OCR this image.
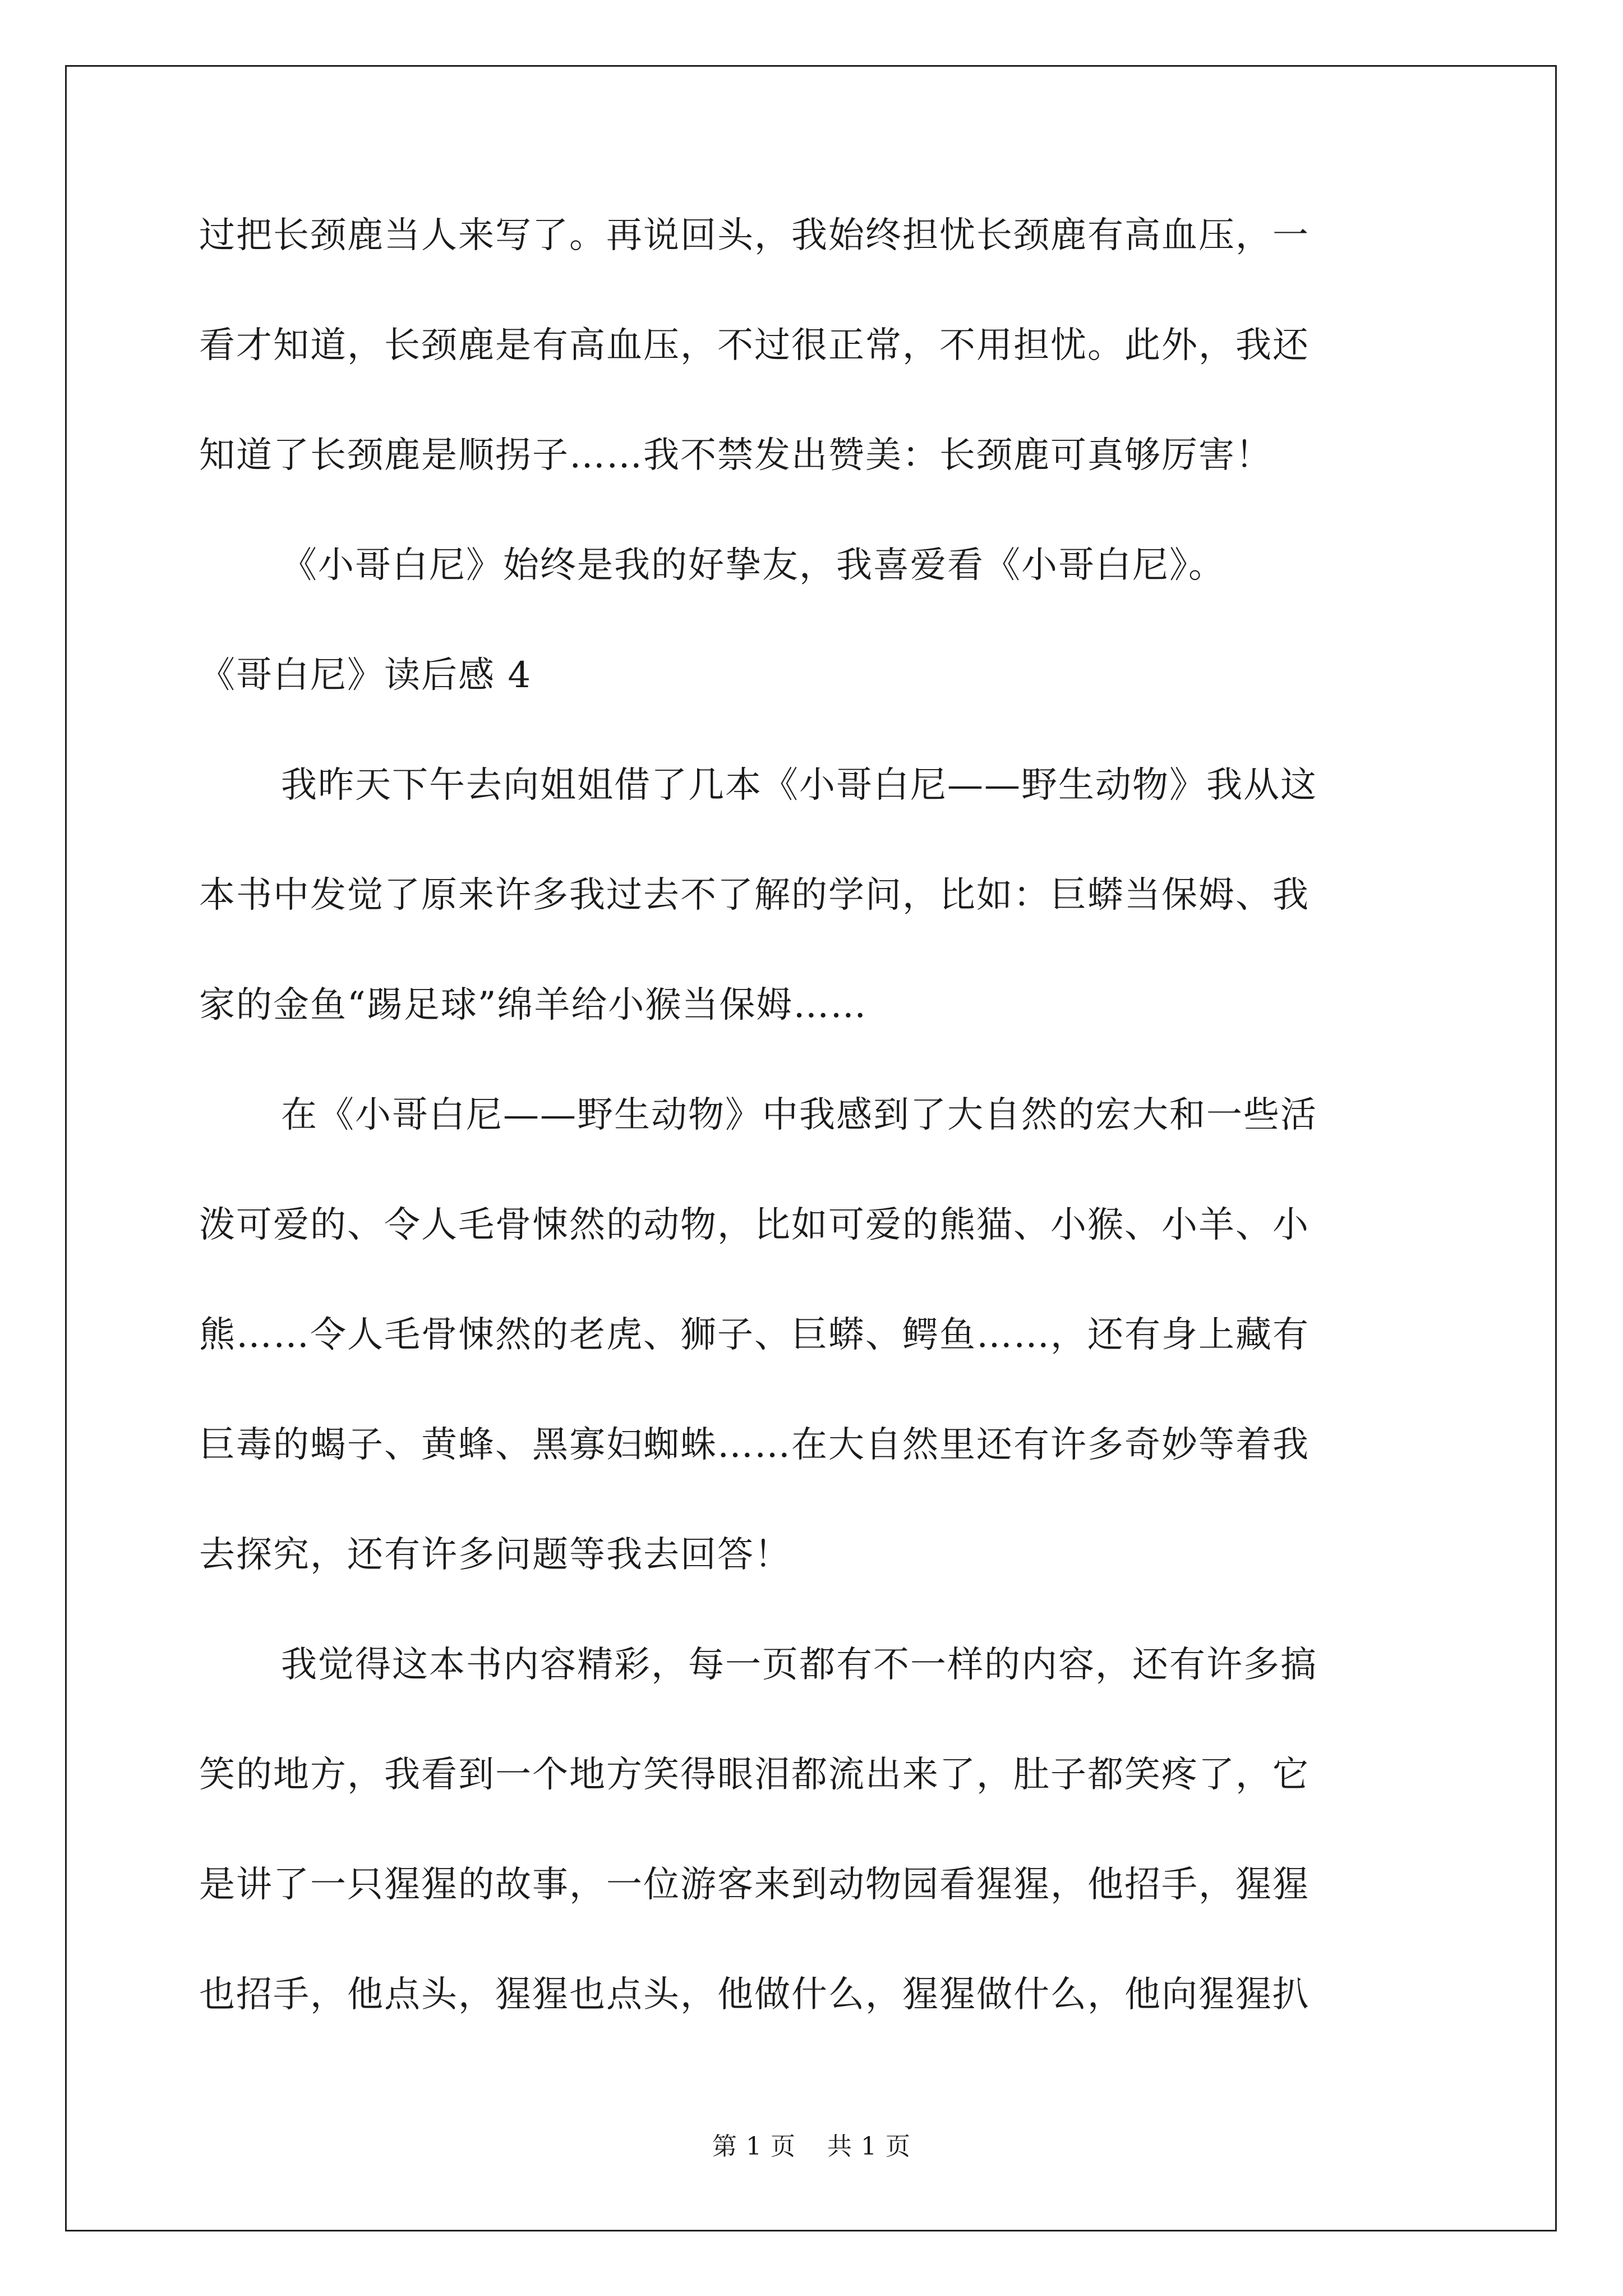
过把长颈鹿当人来写了。再说回头，我始终担忧长颈鹿有高血压，一
看才知道，长颈鹿是有高血压，不过很正常，不用担忧。此外，我还
知道了长颈鹿是顺拐子……我不禁发出赞美：长颈鹿可真够厉害！
《小哥白尼》始终是我的好挚友，我喜爱看《小哥白尼》。
《哥白尼》读后感 4
我昨天下午去向姐姐借了几本《小哥白尼——野生动物》我从这
本书中发觉了原来许多我过去不了解的学问，比如：巨蟒当保姆、我
家的金鱼“踢足球”绵羊给小猴当保姆……
在《小哥白尼——野生动物》中我感到了大自然的宏大和一些活
泼可爱的、令人毛骨悚然的动物，比如可爱的熊猫、小猴、小羊、小
熊……令人毛骨悚然的老虎、狮子、巨蟒、鳄鱼……，还有身上藏有
巨毒的蝎子、黄蜂、黑寡妇蜘蛛……在大自然里还有许多奇妙等着我
去探究，还有许多问题等我去回答！
我觉得这本书内容精彩，每一页都有不一样的内容，还有许多搞
笑的地方，我看到一个地方笑得眼泪都流出来了，肚子都笑疼了，它
是讲了一只猩猩的故事，一位游客来到动物园看猩猩，他招手，猩猩
也招手，他点头，猩猩也点头，他做什么，猩猩做什么，他向猩猩扒
第 1 页 共 1 页
